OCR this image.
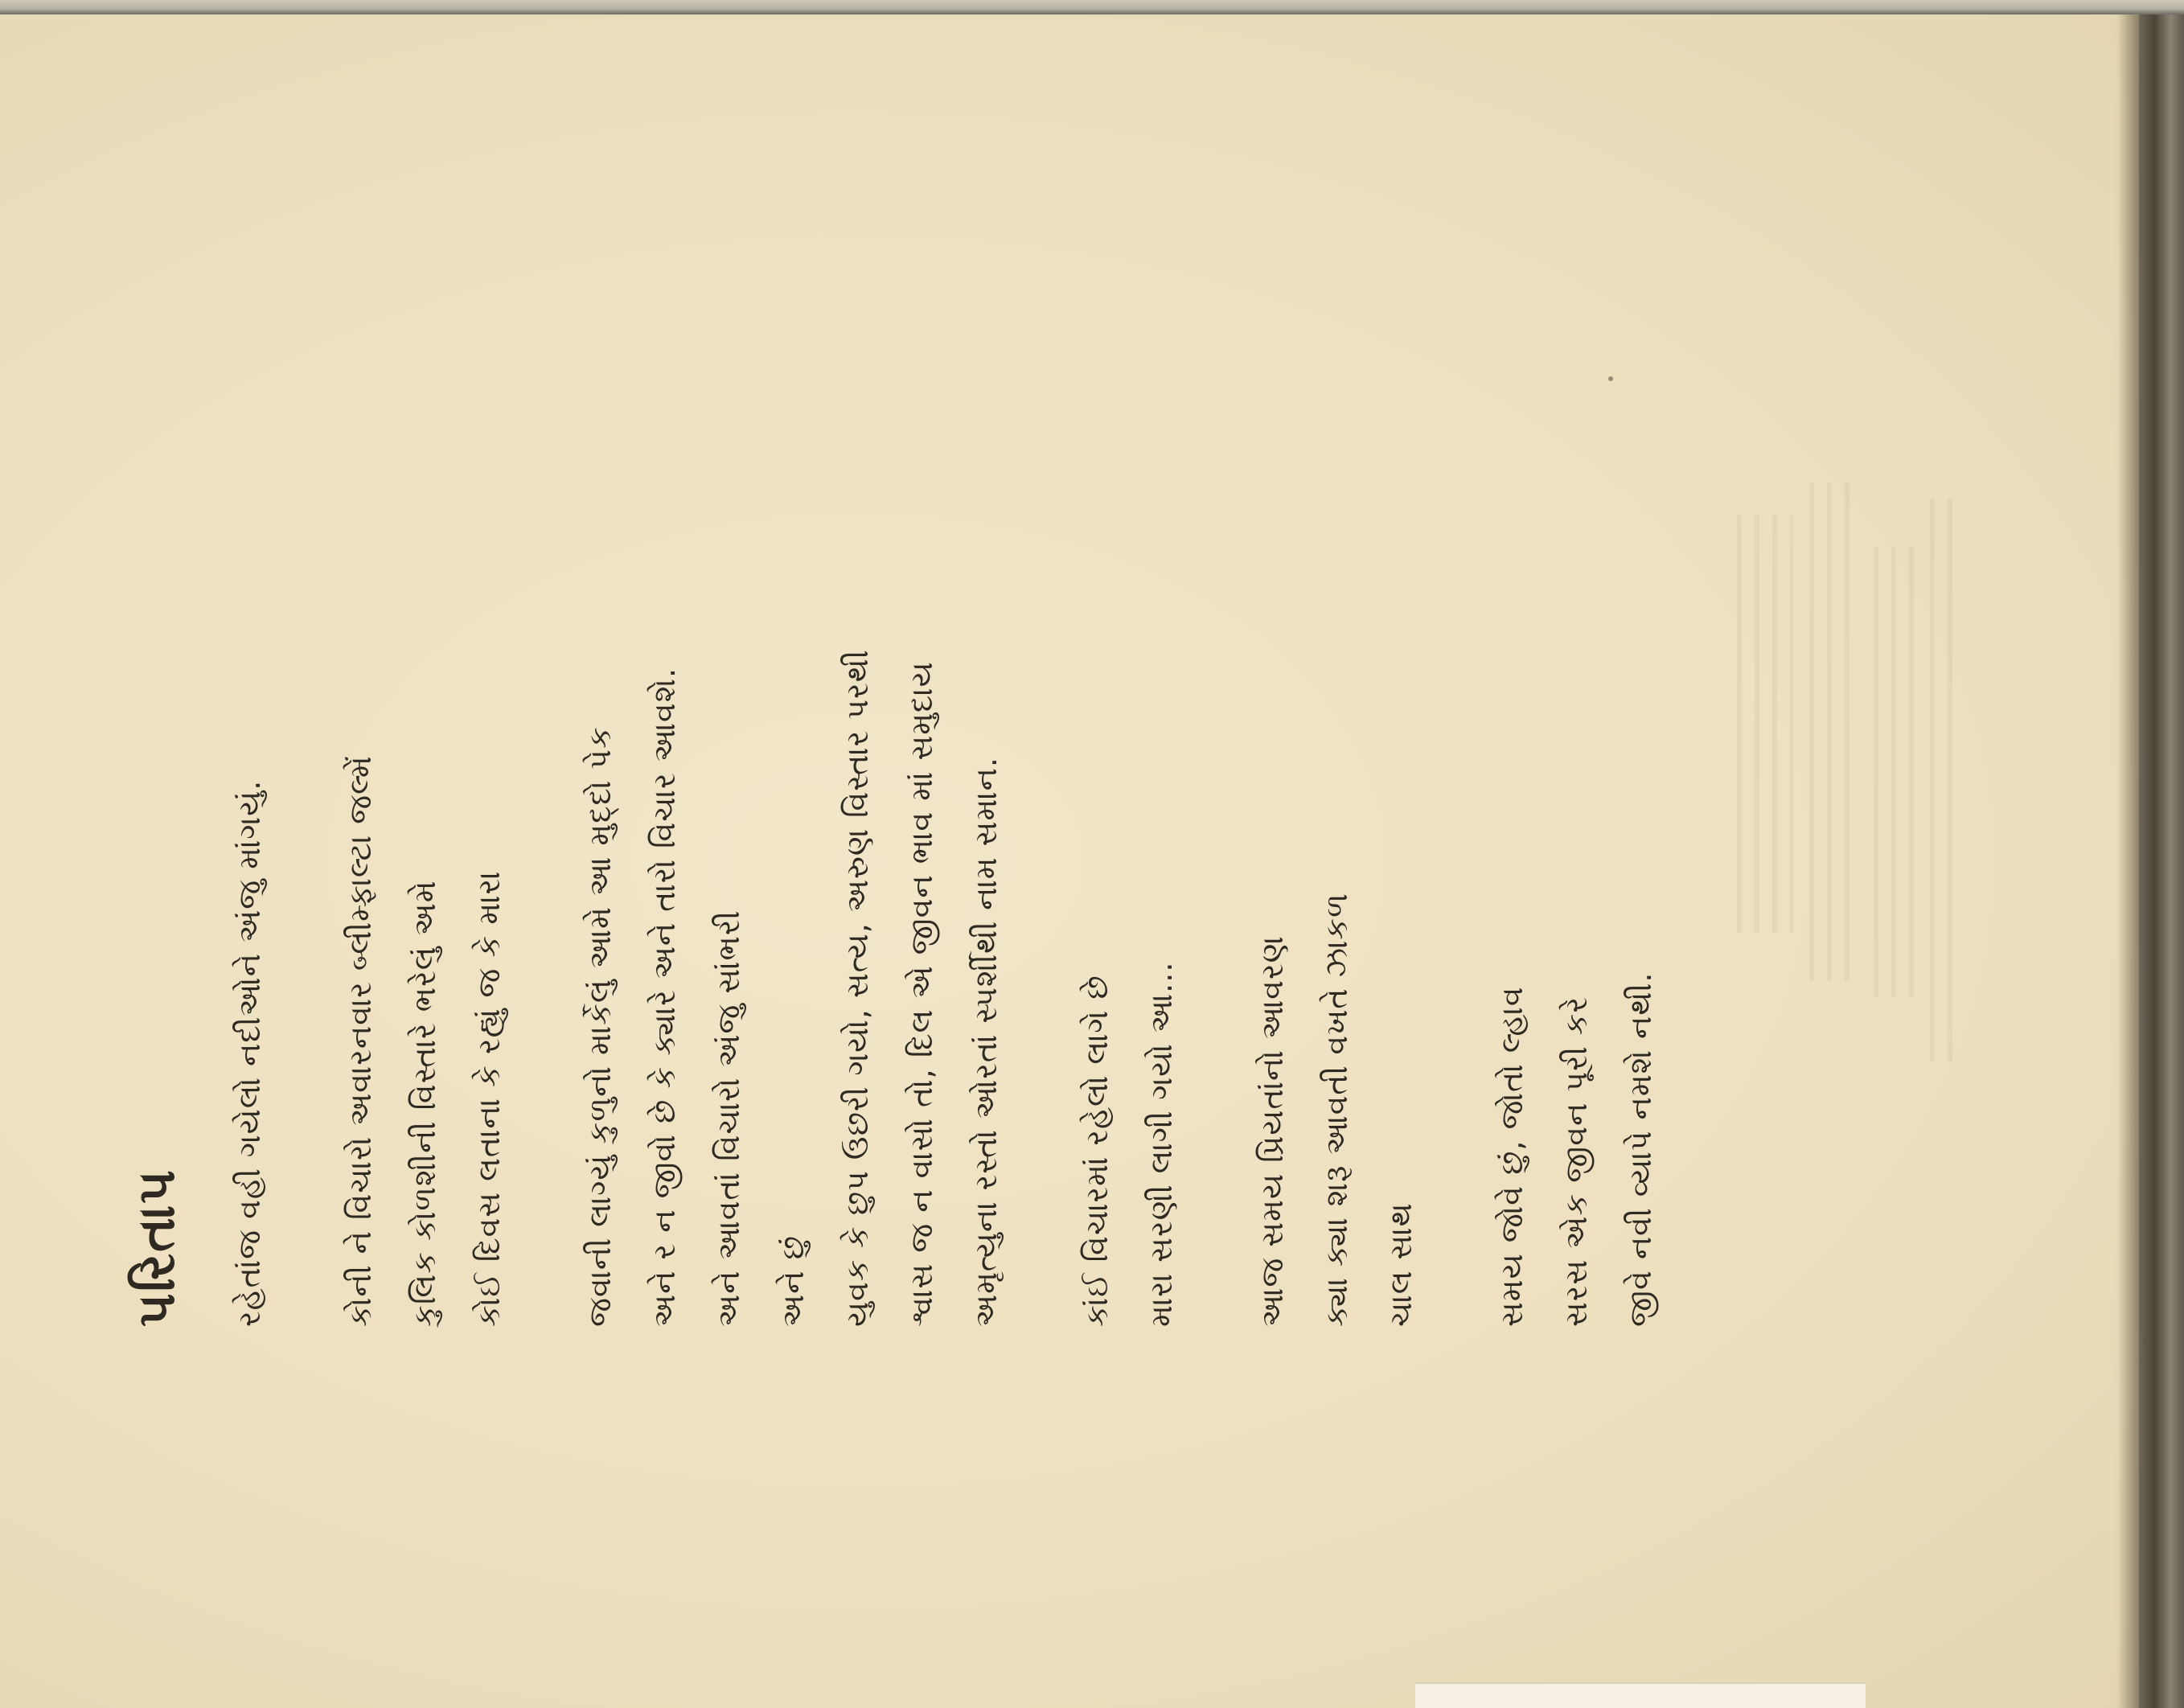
પરિતાપ	રહેતાંજ વહી ગયેલો નદીઓને અંજુ માંગયું.	કોની ને વિચારો અવારનવાર બ્લીમ્ફાલ્ટા જલ્મેં કુલિક કોળશીની વિસ્તારે ભરેલું અમે કોઈ દિવસ લતાના કે રહ્યું જ કે મારા	જવાની લાગ્યું કુળુનો માર્કેલું આમે આ મુદ્દો પેક અને ર ન જીવો છે કે ક્યારે અને તારો વિચાર આવશે. અને આવતાં વિચારો અંજુ સાંભરી અને છું યુવક કે છુપ ઉછરી ગયો, સત્ય, અરુણ વિસ્તાર પરથી શ્વાસ જ ન વાસો તો, દિલ એ જીવન ભાવ માં સમુદાય અમૃત્યુના રસ્તો ઓરતાં સ્પર્શીથી નામ સમાન.	કાંઈ વિચારમાં રહેલો લાગે છે મારા સરણી લાગી ગયો આ...	આજ સમય પ્રિયતાંનો આવરણ ક્યા ક્યા શરૂ આવતી વખતે ઝાકળ ચાલ સાથ	સમય જોવે છું, જોતો લ્હાવ સરસ એક જીવન પૂરી કરે જીવે નવી વ્યાપે નમશે નથી.
